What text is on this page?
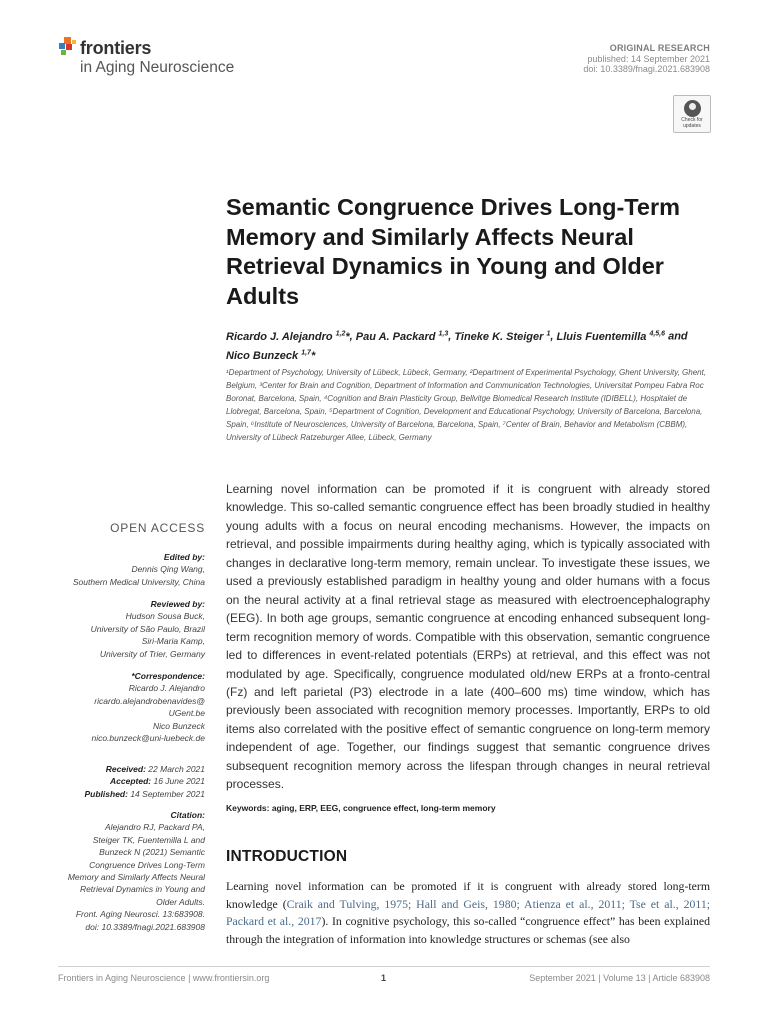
frontiers
in Aging Neuroscience
ORIGINAL RESEARCH
published: 14 September 2021
doi: 10.3389/fnagi.2021.683908
Check for updates
Semantic Congruence Drives Long-Term Memory and Similarly Affects Neural Retrieval Dynamics in Young and Older Adults
Ricardo J. Alejandro $^{1,2}$*, Pau A. Packard $^{1,3}$, Tineke K. Steiger $^1$, Lluis Fuentemilla $^{4,5,6}$ and Nico Bunzeck $^{1,7}$*
¹Department of Psychology, University of Lübeck, Lübeck, Germany, ²Department of Experimental Psychology, Ghent University, Ghent, Belgium, ³Center for Brain and Cognition, Department of Information and Communication Technologies, Universitat Pompeu Fabra Roc Boronat, Barcelona, Spain, ⁴Cognition and Brain Plasticity Group, Bellvitge Biomedical Research Institute (IDIBELL), Hospitalet de Llobregat, Barcelona, Spain, ⁵Department of Cognition, Development and Educational Psychology, University of Barcelona, Barcelona, Spain, ⁶Institute of Neurosciences, University of Barcelona, Barcelona, Spain, ⁷Center of Brain, Behavior and Metabolism (CBBM), University of Lübeck Ratzeburger Allee, Lübeck, Germany
OPEN ACCESS
Edited by:
Dennis Qing Wang,
Southern Medical University, China
Reviewed by:
Hudson Sousa Buck,
University of São Paulo, Brazil
Siri-Maria Kamp,
University of Trier, Germany
*Correspondence:
Ricardo J. Alejandro
ricardo.alejandrobenavides@
UGent.be
Nico Bunzeck
nico.bunzeck@uni-luebeck.de
Received: 22 March 2021
Accepted: 16 June 2021
Published: 14 September 2021
Citation:
Alejandro RJ, Packard PA,
Steiger TK, Fuentemilla L and
Bunzeck N (2021) Semantic
Congruence Drives Long-Term
Memory and Similarly Affects Neural
Retrieval Dynamics in Young and
Older Adults.
Front. Aging Neurosci. 13:683908.
doi: 10.3389/fnagi.2021.683908

Learning novel information can be promoted if it is congruent with already stored knowledge. This so-called semantic congruence effect has been broadly studied in healthy young adults with a focus on neural encoding mechanisms. However, the impacts on retrieval, and possible impairments during healthy aging, which is typically associated with changes in declarative long-term memory, remain unclear. To investigate these issues, we used a previously established paradigm in healthy young and older humans with a focus on the neural activity at a final retrieval stage as measured with electroencephalography (EEG). In both age groups, semantic congruence at encoding enhanced subsequent long-term recognition memory of words. Compatible with this observation, semantic congruence led to differences in event-related potentials (ERPs) at retrieval, and this effect was not modulated by age. Specifically, congruence modulated old/new ERPs at a fronto-central (Fz) and left parietal (P3) electrode in a late (400–600 ms) time window, which has previously been associated with recognition memory processes. Importantly, ERPs to old items also correlated with the positive effect of semantic congruence on long-term memory independent of age. Together, our findings suggest that semantic congruence drives subsequent recognition memory across the lifespan through changes in neural retrieval processes.

Keywords: aging, ERP, EEG, congruence effect, long-term memory
INTRODUCTION

Learning novel information can be promoted if it is congruent with already stored long-term knowledge (Craik and Tulving, 1975; Hall and Geis, 1980; Atienza et al., 2011; Tse et al., 2011; Packard et al., 2017). In cognitive psychology, this so-called “congruence effect” has been explained through the integration of information into knowledge structures or schemas (see also

Frontiers in Aging Neuroscience | www.frontiersin.org	1	September 2021 | Volume 13 | Article 683908
